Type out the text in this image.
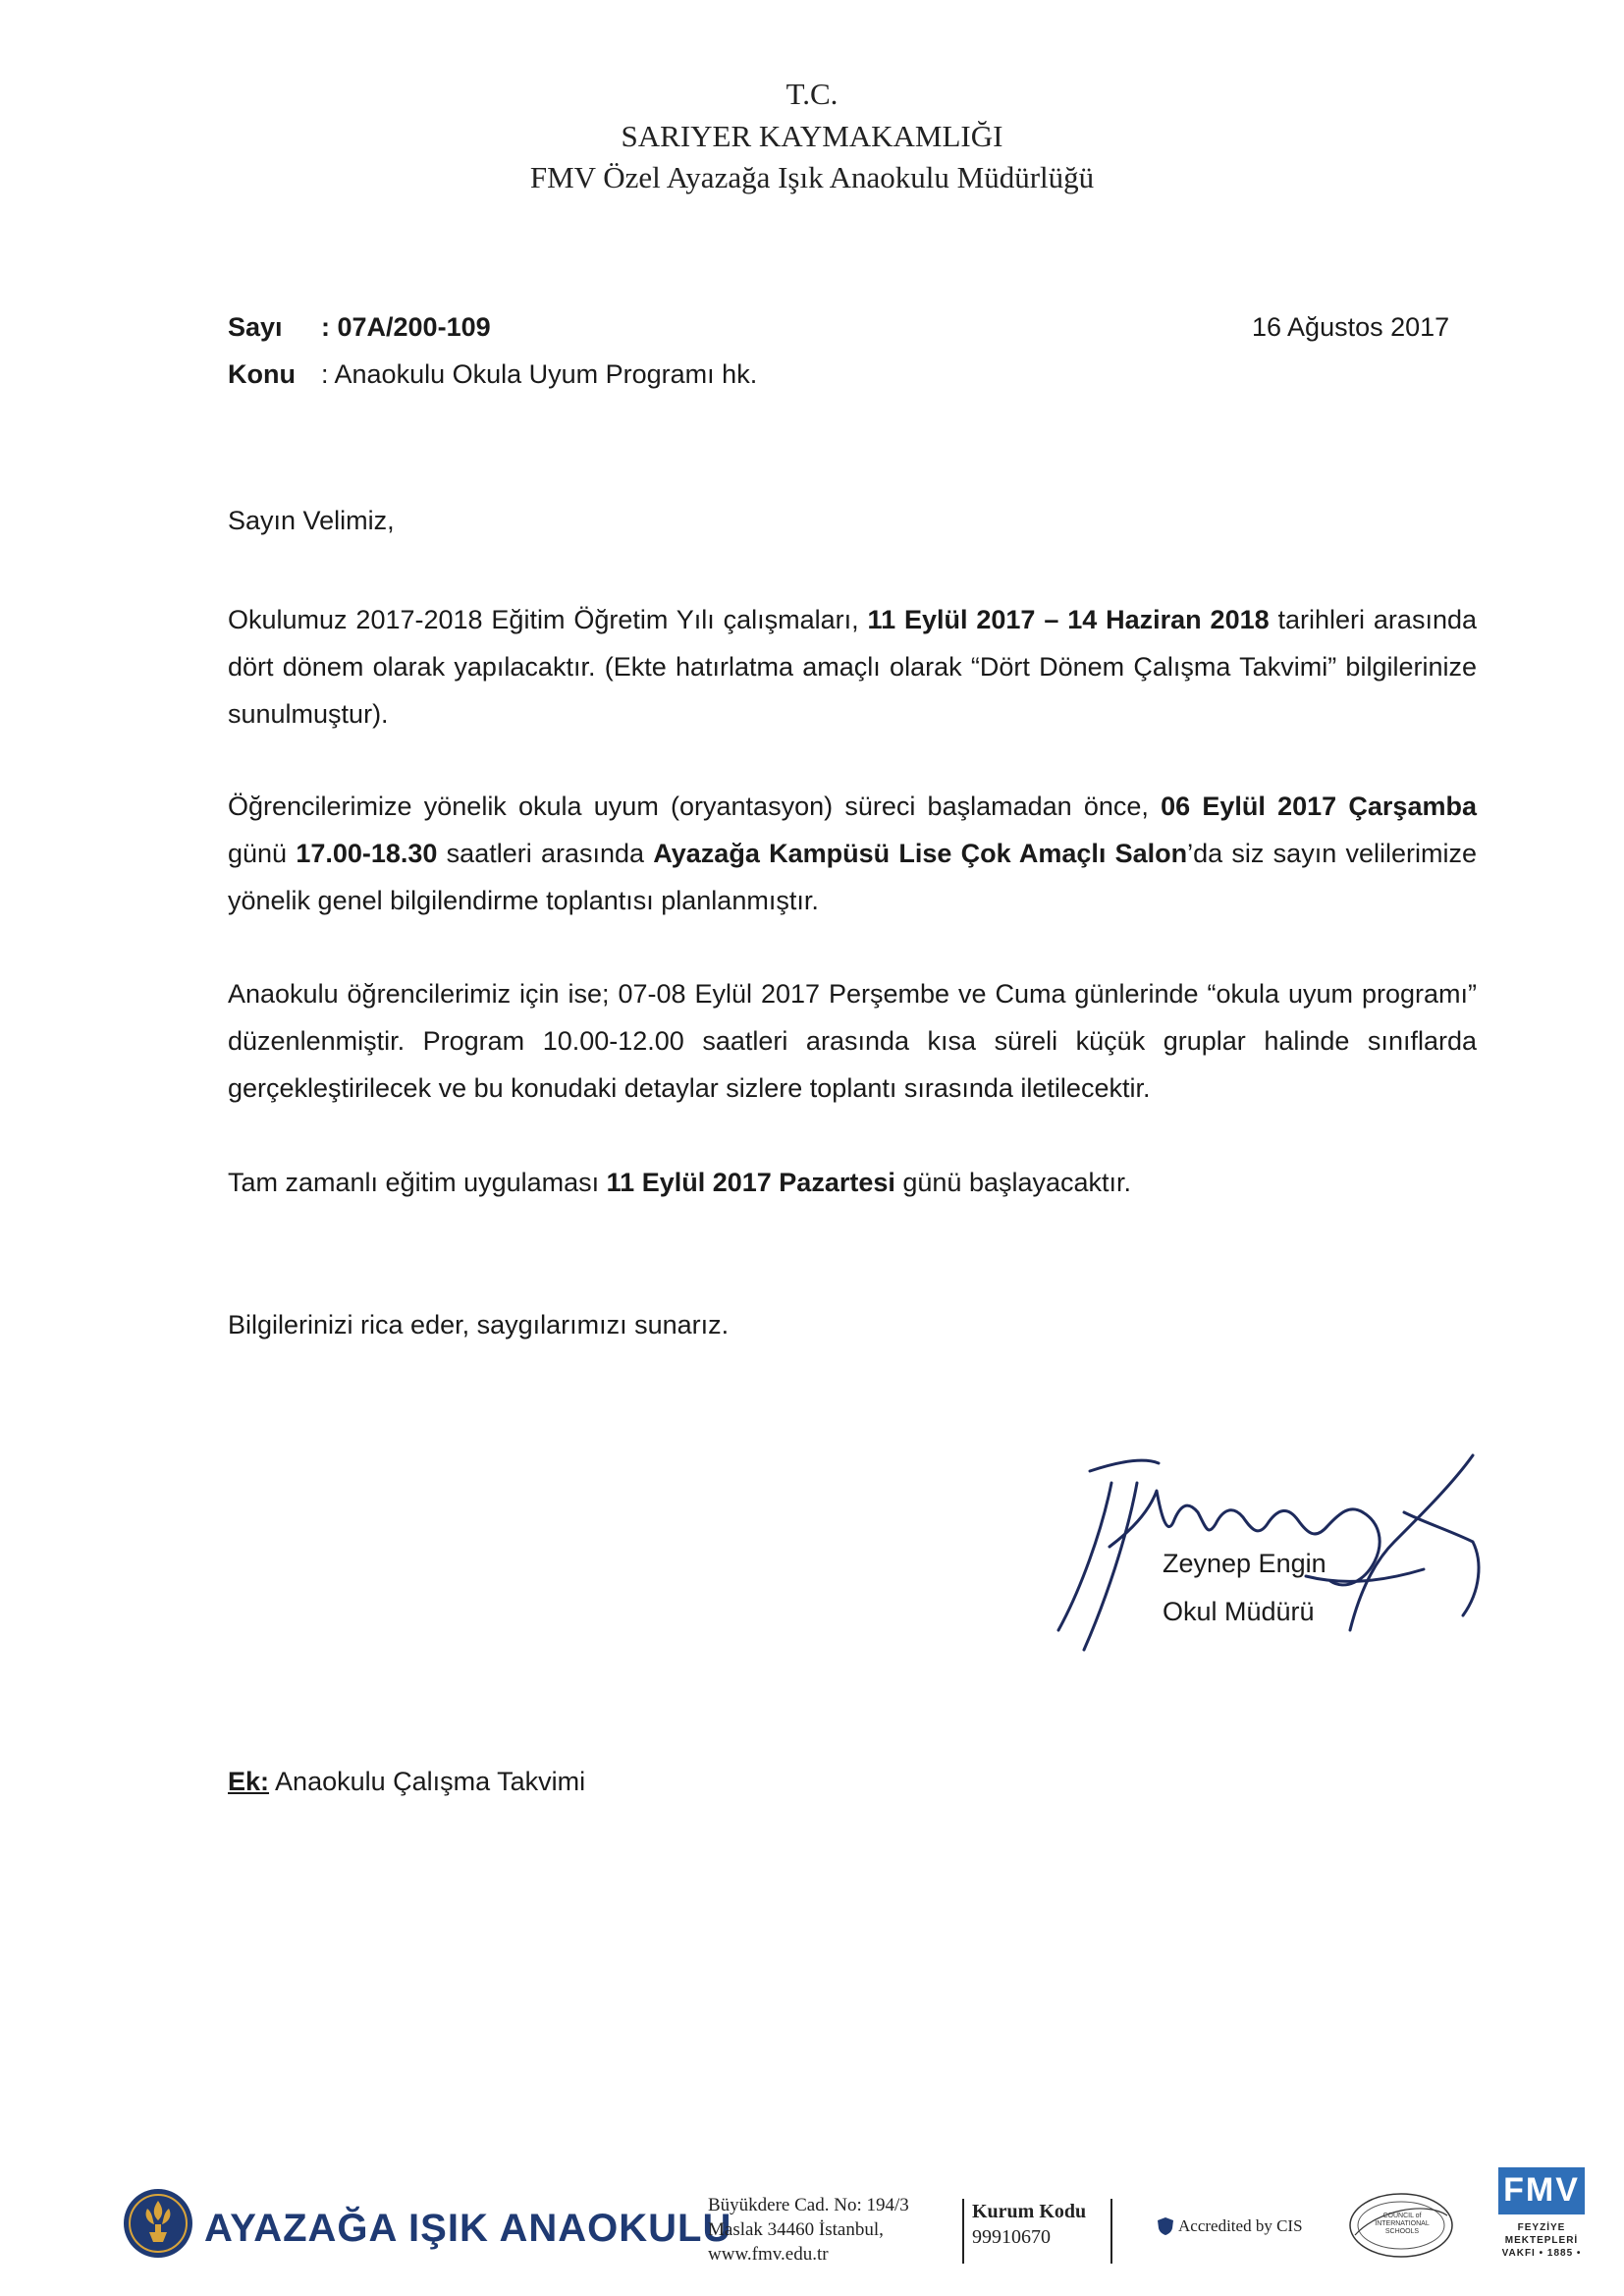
T.C.
SARIYER KAYMAKAMLIĞI
FMV Özel Ayazağa Işık Anaokulu Müdürlüğü
Sayı : 07A/200-109	16 Ağustos 2017
Konu : Anaokulu Okula Uyum Programı hk.
Sayın Velimiz,
Okulumuz 2017-2018 Eğitim Öğretim Yılı çalışmaları, 11 Eylül 2017 – 14 Haziran 2018 tarihleri arasında dört dönem olarak yapılacaktır. (Ekte hatırlatma amaçlı olarak “Dört Dönem Çalışma Takvimi” bilgilerinize sunulmuştur).
Öğrencilerimize yönelik okula uyum (oryantasyon) süreci başlamadan önce, 06 Eylül 2017 Çarşamba günü 17.00-18.30 saatleri arasında Ayazağa Kampüsü Lise Çok Amaçlı Salon’da siz sayın velilerimize yönelik genel bilgilendirme toplantısı planlanmıştır.
Anaokulu öğrencilerimiz için ise; 07-08 Eylül 2017 Perşembe ve Cuma günlerinde “okula uyum programı” düzenlenmiştir. Program 10.00-12.00 saatleri arasında kısa süreli küçük gruplar halinde sınıflarda gerçekleştirilecek ve bu konudaki detaylar sizlere toplantı sırasında iletilecektir.
Tam zamanlı eğitim uygulaması 11 Eylül 2017 Pazartesi günü başlayacaktır.
Bilgilerinizi rica eder, saygılarımızı sunarız.
Zeynep Engin
Okul Müdürü
Ek: Anaokulu Çalışma Takvimi
AYAZAĞA IŞIK ANAOKULU
Büyükdere Cad. No: 194/3
Maslak 34460 İstanbul,
www.fmv.edu.tr
Kurum Kodu
99910670
Accredited by CIS
COUNCIL of INTERNATIONAL SCHOOLS
FMV
FEYZİYE
MEKTEPLERİ
VAKFI • 1885 •
